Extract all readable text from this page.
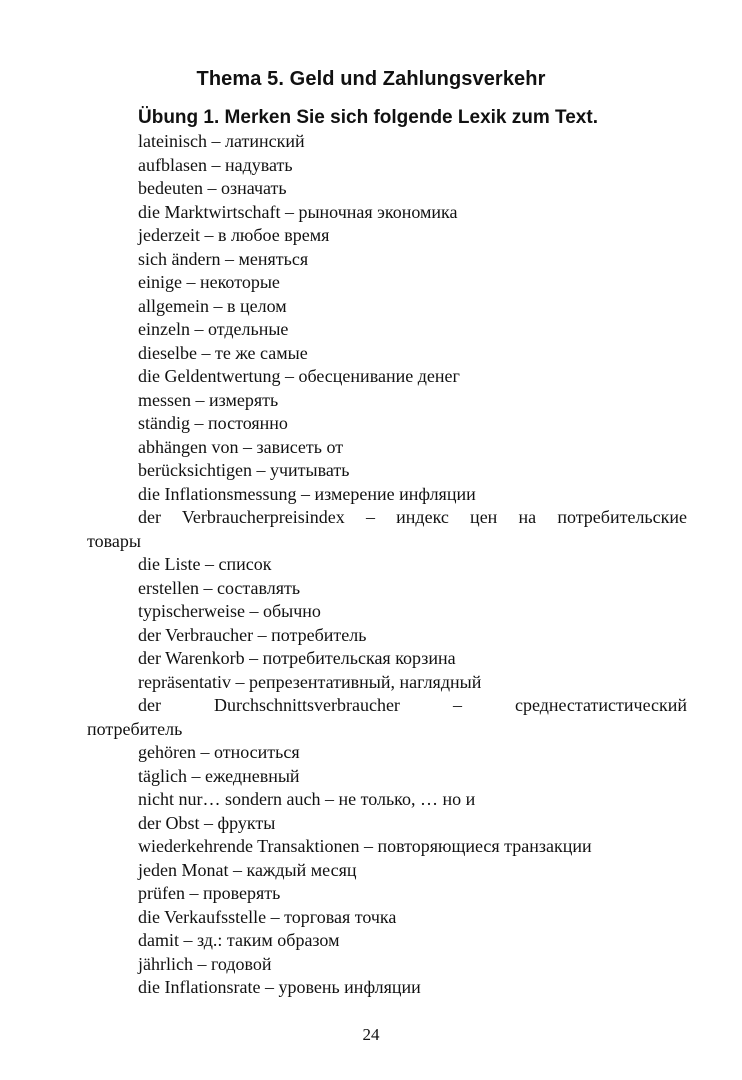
Thema 5. Geld und Zahlungsverkehr
Übung 1. Merken Sie sich folgende Lexik zum Text.

lateinisch – латинский

aufblasen – надувать

bedeuten – означать

die Marktwirtschaft – рыночная экономика

jederzeit – в любое время

sich ändern – меняться

einige – некоторые

allgemein – в целом

einzeln – отдельные

dieselbe – те же самые

die Geldentwertung – обесценивание денег

messen – измерять

ständig – постоянно

abhängen von – зависеть от

berücksichtigen – учитывать

die Inflationsmessung – измерение инфляции

der Verbraucherpreisindex – индекс цен на потребительские
товары

die Liste – список

erstellen – составлять

typischerweise – обычно

der Verbraucher – потребитель

der Warenkorb – потребительская корзина

repräsentativ – репрезентативный, наглядный

der Durchschnittsverbraucher – среднестатистический
потребитель

gehören – относиться

täglich – ежедневный

nicht nur… sondern auch – не только, … но и

der Obst – фрукты

wiederkehrende Transaktionen – повторяющиеся транзакции

jeden Monat – каждый месяц

prüfen – проверять

die Verkaufsstelle – торговая точка

damit – зд.: таким образом

jährlich – годовой

die Inflationsrate – уровень инфляции

24
